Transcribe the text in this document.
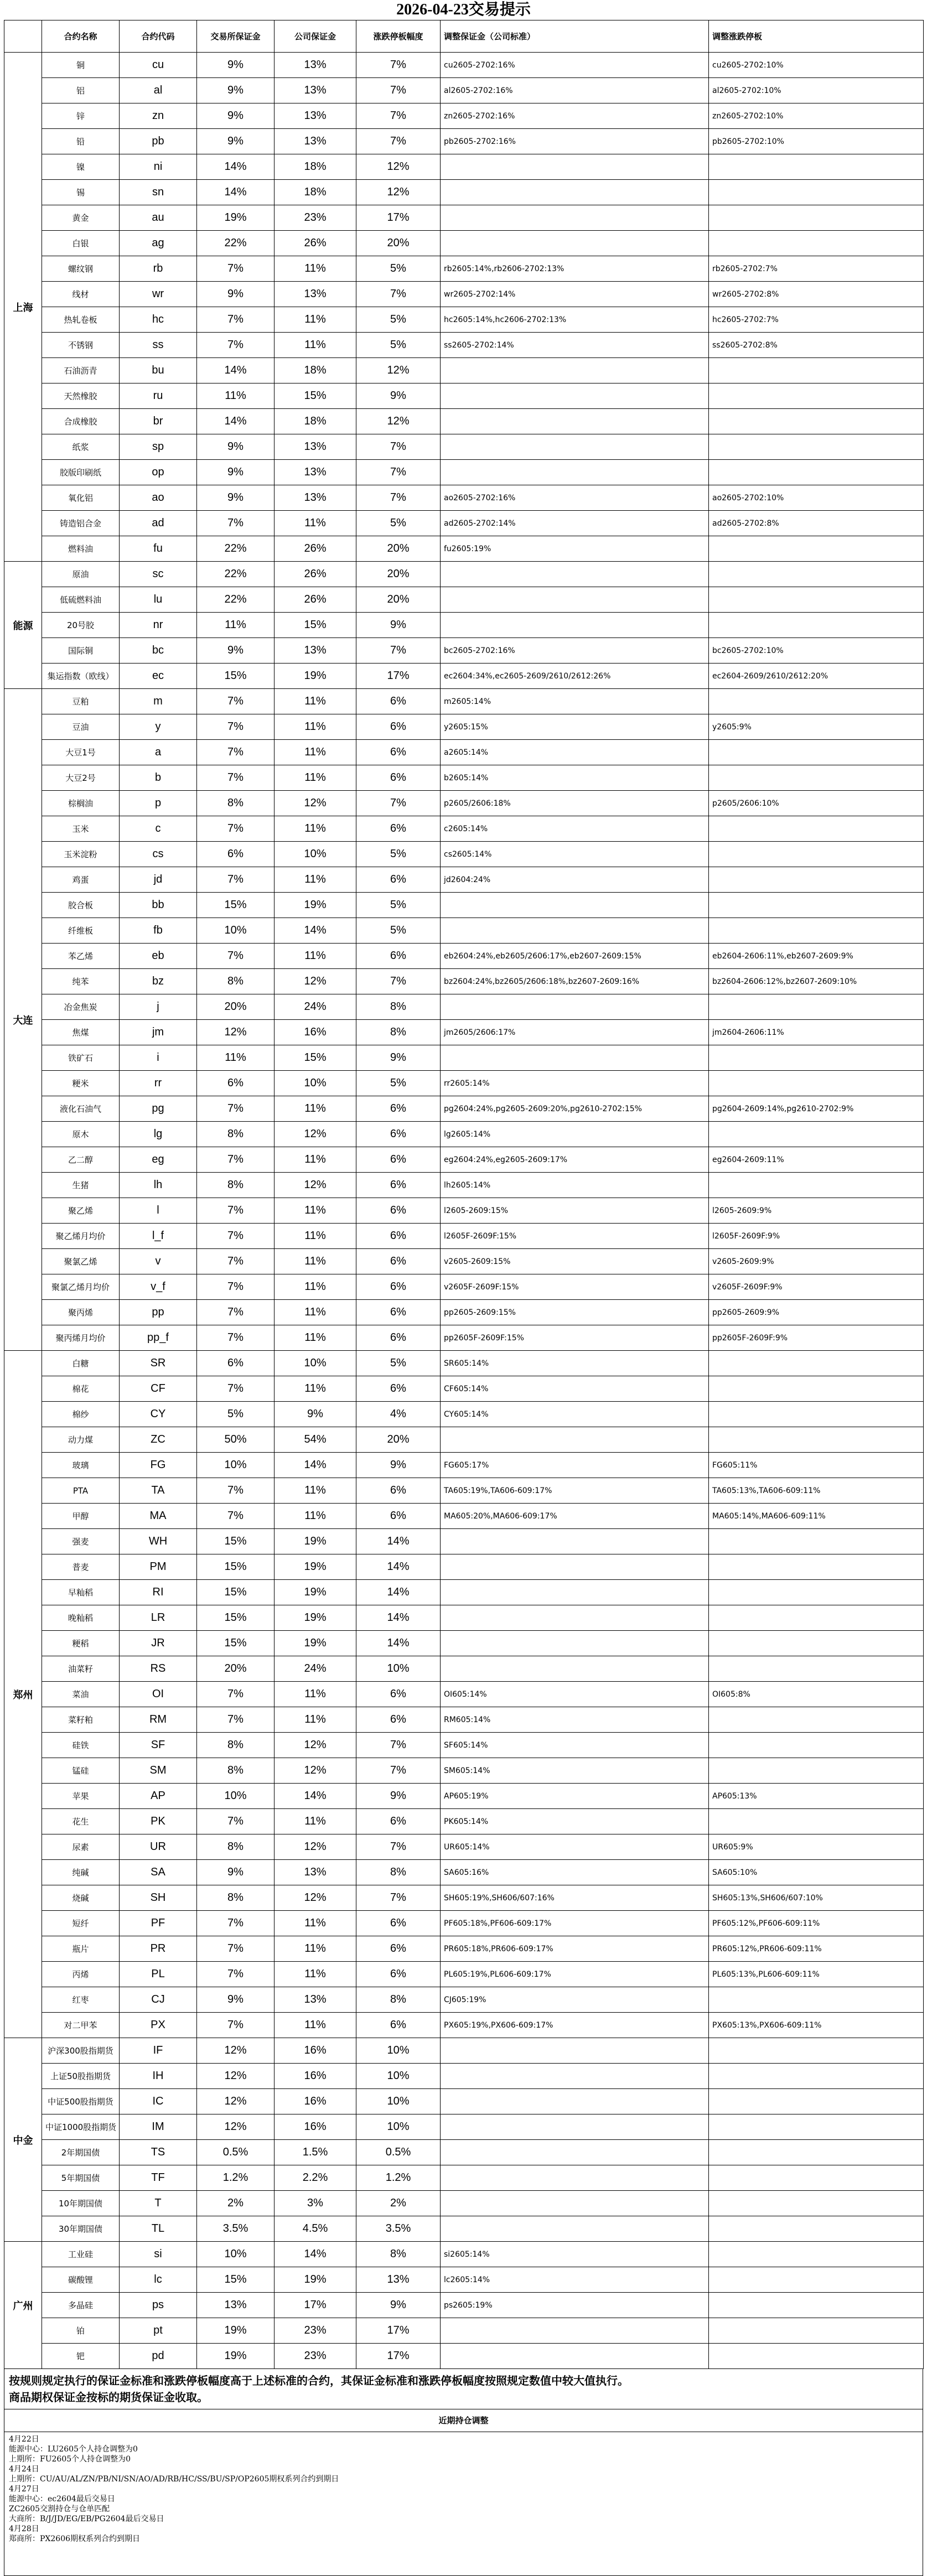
2026-04-23交易提示
	合约名称	合约代码	交易所保证金	公司保证金	涨跌停板幅度	调整保证金（公司标准）	调整涨跌停板
上海	铜	cu	9%	13%	7%	cu2605-2702:16%	cu2605-2702:10%
	铝	al	9%	13%	7%	al2605-2702:16%	al2605-2702:10%
	锌	zn	9%	13%	7%	zn2605-2702:16%	zn2605-2702:10%
	铅	pb	9%	13%	7%	pb2605-2702:16%	pb2605-2702:10%
	镍	ni	14%	18%	12%		
	锡	sn	14%	18%	12%		
	黄金	au	19%	23%	17%		
	白银	ag	22%	26%	20%		
	螺纹钢	rb	7%	11%	5%	rb2605:14%,rb2606-2702:13%	rb2605-2702:7%
	线材	wr	9%	13%	7%	wr2605-2702:14%	wr2605-2702:8%
	热轧卷板	hc	7%	11%	5%	hc2605:14%,hc2606-2702:13%	hc2605-2702:7%
	不锈钢	ss	7%	11%	5%	ss2605-2702:14%	ss2605-2702:8%
	石油沥青	bu	14%	18%	12%		
	天然橡胶	ru	11%	15%	9%		
	合成橡胶	br	14%	18%	12%		
	纸浆	sp	9%	13%	7%		
	胶版印刷纸	op	9%	13%	7%		
	氧化铝	ao	9%	13%	7%	ao2605-2702:16%	ao2605-2702:10%
	铸造铝合金	ad	7%	11%	5%	ad2605-2702:14%	ad2605-2702:8%
	燃料油	fu	22%	26%	20%	fu2605:19%	
能源	原油	sc	22%	26%	20%		
	低硫燃料油	lu	22%	26%	20%		
	20号胶	nr	11%	15%	9%		
	国际铜	bc	9%	13%	7%	bc2605-2702:16%	bc2605-2702:10%
	集运指数（欧线）	ec	15%	19%	17%	ec2604:34%,ec2605-2609/2610/2612:26%	ec2604-2609/2610/2612:20%
大连	豆粕	m	7%	11%	6%	m2605:14%	
	豆油	y	7%	11%	6%	y2605:15%	y2605:9%
	大豆1号	a	7%	11%	6%	a2605:14%	
	大豆2号	b	7%	11%	6%	b2605:14%	
	棕榈油	p	8%	12%	7%	p2605/2606:18%	p2605/2606:10%
	玉米	c	7%	11%	6%	c2605:14%	
	玉米淀粉	cs	6%	10%	5%	cs2605:14%	
	鸡蛋	jd	7%	11%	6%	jd2604:24%	
	胶合板	bb	15%	19%	5%		
	纤维板	fb	10%	14%	5%		
	苯乙烯	eb	7%	11%	6%	eb2604:24%,eb2605/2606:17%,eb2607-2609:15%	eb2604-2606:11%,eb2607-2609:9%
	纯苯	bz	8%	12%	7%	bz2604:24%,bz2605/2606:18%,bz2607-2609:16%	bz2604-2606:12%,bz2607-2609:10%
	冶金焦炭	j	20%	24%	8%		
	焦煤	jm	12%	16%	8%	jm2605/2606:17%	jm2604-2606:11%
	铁矿石	i	11%	15%	9%		
	粳米	rr	6%	10%	5%	rr2605:14%	
	液化石油气	pg	7%	11%	6%	pg2604:24%,pg2605-2609:20%,pg2610-2702:15%	pg2604-2609:14%,pg2610-2702:9%
	原木	lg	8%	12%	6%	lg2605:14%	
	乙二醇	eg	7%	11%	6%	eg2604:24%,eg2605-2609:17%	eg2604-2609:11%
	生猪	lh	8%	12%	6%	lh2605:14%	
	聚乙烯	l	7%	11%	6%	l2605-2609:15%	l2605-2609:9%
	聚乙烯月均价	l_f	7%	11%	6%	l2605F-2609F:15%	l2605F-2609F:9%
	聚氯乙烯	v	7%	11%	6%	v2605-2609:15%	v2605-2609:9%
	聚氯乙烯月均价	v_f	7%	11%	6%	v2605F-2609F:15%	v2605F-2609F:9%
	聚丙烯	pp	7%	11%	6%	pp2605-2609:15%	pp2605-2609:9%
	聚丙烯月均价	pp_f	7%	11%	6%	pp2605F-2609F:15%	pp2605F-2609F:9%
郑州	白糖	SR	6%	10%	5%	SR605:14%	
	棉花	CF	7%	11%	6%	CF605:14%	
	棉纱	CY	5%	9%	4%	CY605:14%	
	动力煤	ZC	50%	54%	20%		
	玻璃	FG	10%	14%	9%	FG605:17%	FG605:11%
	PTA	TA	7%	11%	6%	TA605:19%,TA606-609:17%	TA605:13%,TA606-609:11%
	甲醇	MA	7%	11%	6%	MA605:20%,MA606-609:17%	MA605:14%,MA606-609:11%
	强麦	WH	15%	19%	14%		
	普麦	PM	15%	19%	14%		
	早籼稻	RI	15%	19%	14%		
	晚籼稻	LR	15%	19%	14%		
	粳稻	JR	15%	19%	14%		
	油菜籽	RS	20%	24%	10%		
	菜油	OI	7%	11%	6%	OI605:14%	OI605:8%
	菜籽粕	RM	7%	11%	6%	RM605:14%	
	硅铁	SF	8%	12%	7%	SF605:14%	
	锰硅	SM	8%	12%	7%	SM605:14%	
	苹果	AP	10%	14%	9%	AP605:19%	AP605:13%
	花生	PK	7%	11%	6%	PK605:14%	
	尿素	UR	8%	12%	7%	UR605:14%	UR605:9%
	纯碱	SA	9%	13%	8%	SA605:16%	SA605:10%
	烧碱	SH	8%	12%	7%	SH605:19%,SH606/607:16%	SH605:13%,SH606/607:10%
	短纤	PF	7%	11%	6%	PF605:18%,PF606-609:17%	PF605:12%,PF606-609:11%
	瓶片	PR	7%	11%	6%	PR605:18%,PR606-609:17%	PR605:12%,PR606-609:11%
	丙烯	PL	7%	11%	6%	PL605:19%,PL606-609:17%	PL605:13%,PL606-609:11%
	红枣	CJ	9%	13%	8%	CJ605:19%	
	对二甲苯	PX	7%	11%	6%	PX605:19%,PX606-609:17%	PX605:13%,PX606-609:11%
中金	沪深300股指期货	IF	12%	16%	10%		
	上证50股指期货	IH	12%	16%	10%		
	中证500股指期货	IC	12%	16%	10%		
	中证1000股指期货	IM	12%	16%	10%		
	2年期国债	TS	0.5%	1.5%	0.5%		
	5年期国债	TF	1.2%	2.2%	1.2%		
	10年期国债	T	2%	3%	2%		
	30年期国债	TL	3.5%	4.5%	3.5%		
广州	工业硅	si	10%	14%	8%	si2605:14%	
	碳酸锂	lc	15%	19%	13%	lc2605:14%	
	多晶硅	ps	13%	17%	9%	ps2605:19%	
	铂	pt	19%	23%	17%		
	钯	pd	19%	23%	17%		
按规则规定执行的保证金标准和涨跌停板幅度高于上述标准的合约，其保证金标准和涨跌停板幅度按照规定数值中较大值执行。
商品期权保证金按标的期货保证金收取。
近期持仓调整
4月22日
能源中心：LU2605个人持仓调整为0
上期所：FU2605个人持仓调整为0
4月24日
上期所：CU/AU/AL/ZN/PB/NI/SN/AO/AD/RB/HC/SS/BU/SP/OP2605期权系列合约到期日
4月27日
能源中心：ec2604最后交易日
ZC2605交割持仓与仓单匹配
大商所：B/J/JD/EG/EB/PG2604最后交易日
4月28日
郑商所：PX2606期权系列合约到期日
